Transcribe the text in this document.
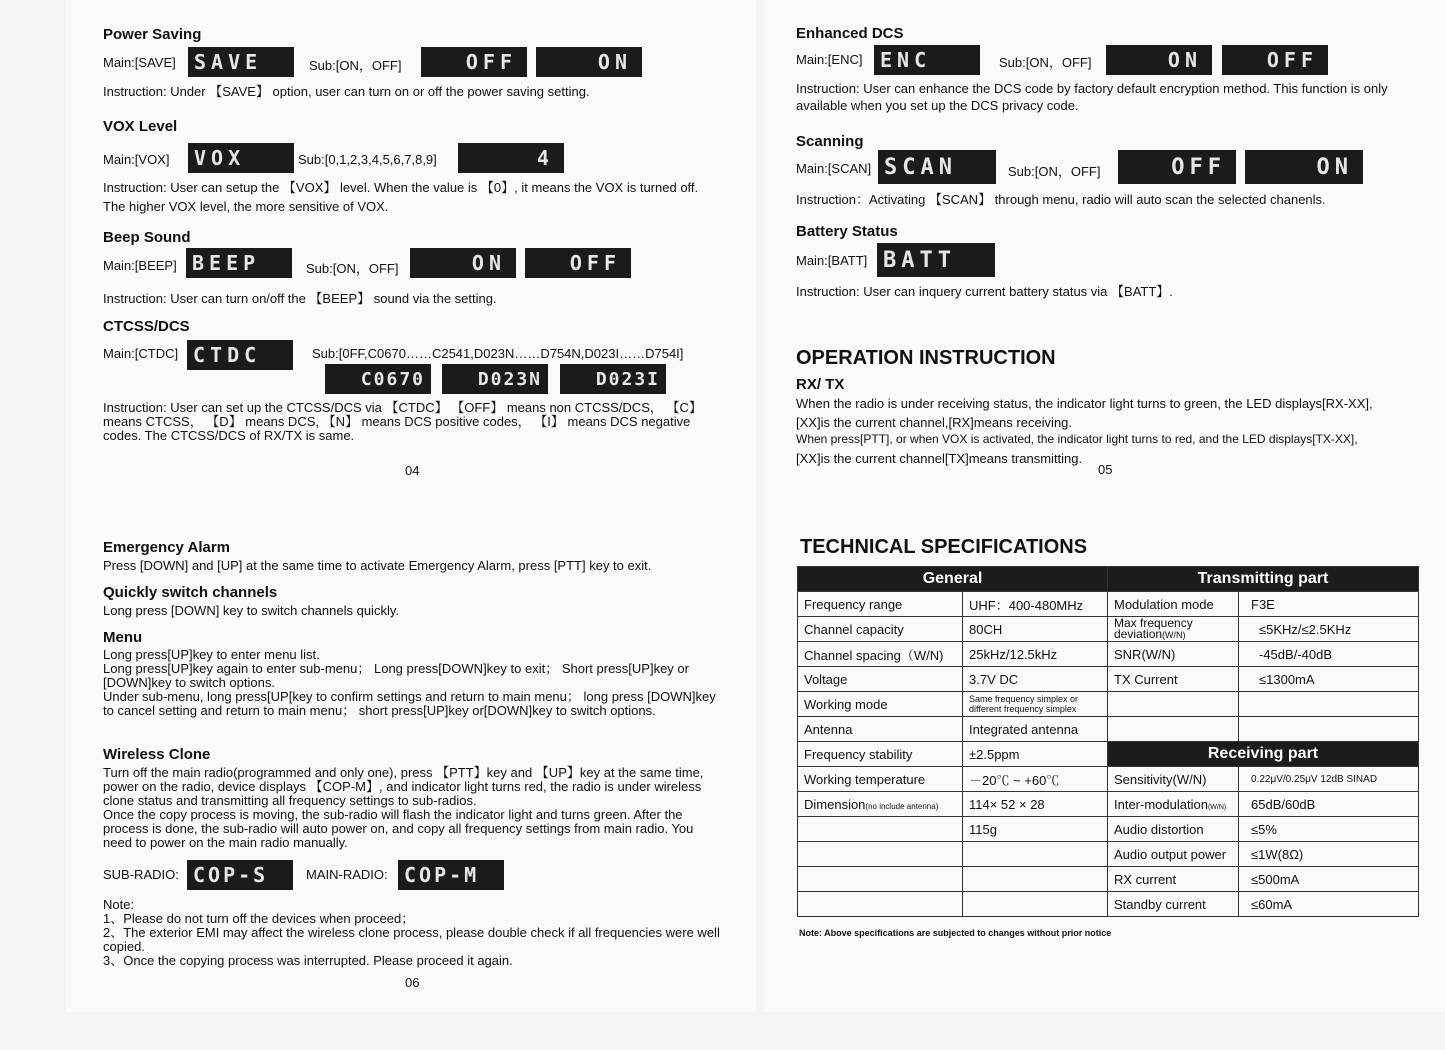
Power Saving
Main:[SAVE] SAVE	Sub:[ON，OFF]	OFF	ON
Instruction: Under 【SAVE】 option, user can turn on or off the power saving setting.
VOX Level
Main:[VOX]	VOX	Sub:[0,1,2,3,4,5,6,7,8,9]	4
Instruction: User can setup the 【VOX】 level. When the value is 【0】, it means the VOX is turned off. The higher VOX level, the more sensitive of VOX.
Beep Sound
Main:[BEEP] BEEP	Sub:[ON，OFF]	ON	OFF
Instruction: User can turn on/off the 【BEEP】 sound via the setting.
CTCSS/DCS
Main:[CTDC] CTDC	Sub:[0FF,C0670……C2541,D023N……D754N,D023I……D754I]
C0670	D023N	D023I
Instruction: User can set up the CTCSS/DCS via 【CTDC】 【OFF】 means non CTCSS/DCS， 【C】 means CTCSS， 【D】 means DCS, 【N】 means DCS positive codes， 【I】 means DCS negative codes. The CTCSS/DCS of RX/TX is same.
04
Emergency Alarm
Press [DOWN] and [UP] at the same time to activate Emergency Alarm, press [PTT] key to exit.
Quickly switch channels
Long press [DOWN] key to switch channels quickly.
Menu
Long press[UP]key to enter menu list.
Long press[UP]key again to enter sub-menu； Long press[DOWN]key to exit； Short press[UP]key or [DOWN]key to switch options.
Under sub-menu, long press[UP[key to confirm settings and return to main menu； long press [DOWN]key to cancel setting and return to main menu； short press[UP]key or[DOWN]key to switch options.
Wireless Clone
Turn off the main radio(programmed and only one), press 【PTT】key and 【UP】key at the same time, power on the radio, device displays 【COP-M】, and indicator light turns red, the radio is under wireless clone status and transmitting all frequency settings to sub-radios.
Once the copy process is moving, the sub-radio will flash the indicator light and turns green. After the process is done, the sub-radio will auto power on, and copy all frequency settings from main radio. You need to power on the main radio manually.
SUB-RADIO: COP-S	MAIN-RADIO: COP-M
Note:
1、Please do not turn off the devices when proceed；
2、The exterior EMI may affect the wireless clone process, please double check if all frequencies were well copied.
3、Once the copying process was interrupted. Please proceed it again.
06
Enhanced DCS
Main:[ENC] ENC	Sub:[ON，OFF]	ON	OFF
Instruction: User can enhance the DCS code by factory default encryption method. This function is only available when you set up the DCS privacy code.
Scanning
Main:[SCAN] SCAN	Sub:[ON，OFF]	OFF	ON
Instruction：Activating 【SCAN】 through menu, radio will auto scan the selected chanenls.
Battery Status
Main:[BATT] BATT
Instruction: User can inquery current battery status via 【BATT】.
OPERATION INSTRUCTION
RX/ TX
When the radio is under receiving status, the indicator light turns to green, the LED displays[RX-XX],
[XX]is the current channel,[RX]means receiving.
When press[PTT], or when VOX is activated, the indicator light turns to red, and the LED displays[TX-XX],
[XX]is the current channel[TX]means transmitting.
05
TECHNICAL SPECIFICATIONS
General		Transmitting part	
Frequency range	UHF：400-480MHz	Modulation mode	F3E
Channel capacity	80CH	Max frequency deviation(W/N)	≤5KHz/≤2.5KHz
Channel spacing（W/N)	25kHz/12.5kHz	SNR(W/N)	-45dB/-40dB
Voltage	3.7V DC	TX Current	≤1300mA
Working mode	Same frequency simplex or different frequency simplex		
Antenna	Integrated antenna		
Frequency stability	±2.5ppm	Receiving part	
Working temperature	－20℃ ~ +60℃	Sensitivity(W/N)	0.22μV/0.25μV 12dB SINAD
Dimension(no include antenna)	114× 52 × 28	Inter-modulation(W/N)	65dB/60dB
	115g	Audio distortion	≤5%
		Audio output power	≤1W(8Ω)
		RX current	≤500mA
		Standby current	≤60mA
Note: Above specifications are subjected to changes without prior notice
